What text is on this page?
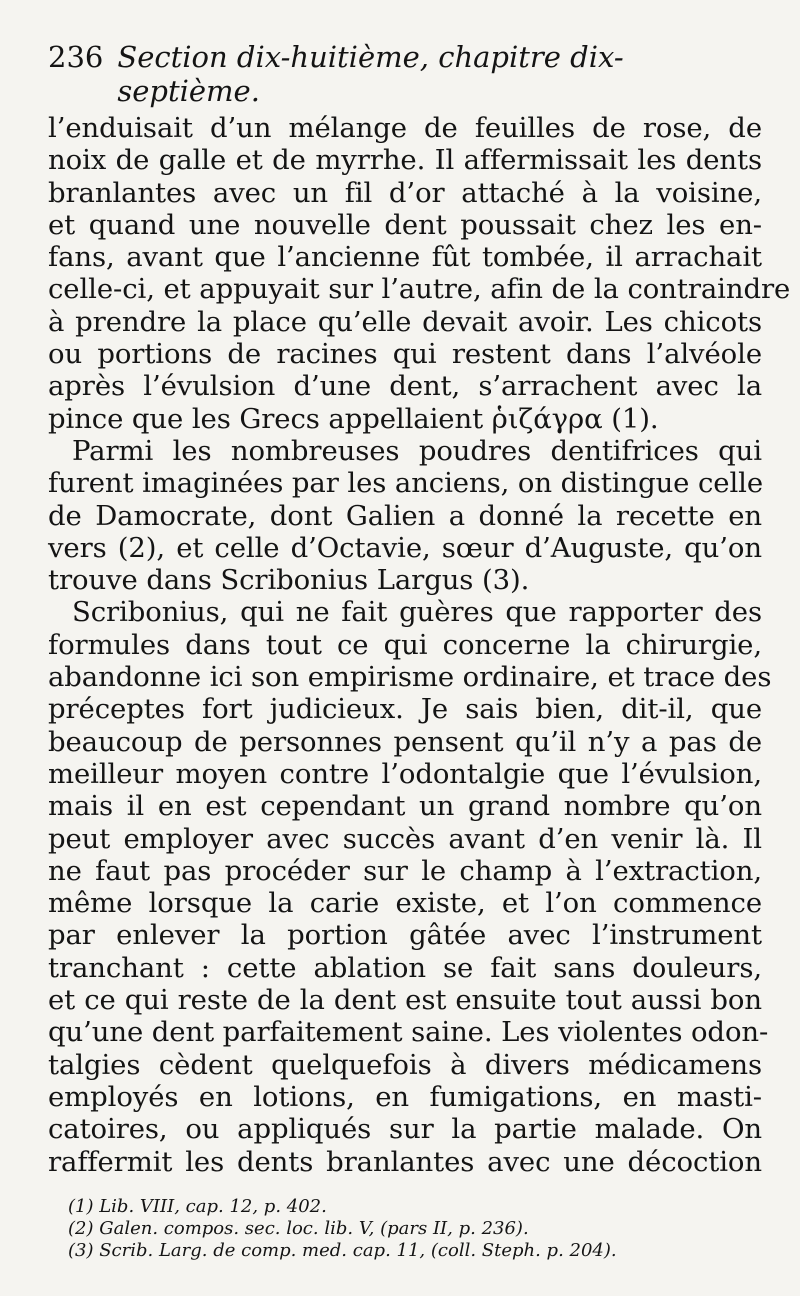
236 Section dix-huitième, chapitre dix-septième.
l’enduisait d’un mélange de feuilles de rose, de
noix de galle et de myrrhe. Il affermissait les dents
branlantes avec un fil d’or attaché à la voisine,
et quand une nouvelle dent poussait chez les en-
fans, avant que l’ancienne fût tombée, il arrachait
celle-ci, et appuyait sur l’autre, afin de la contraindre
à prendre la place qu’elle devait avoir. Les chicots
ou portions de racines qui restent dans l’alvéole
après l’évulsion d’une dent, s’arrachent avec la
pince que les Grecs appellaient ῥιζάγρα (1).
Parmi les nombreuses poudres dentifrices qui
furent imaginées par les anciens, on distingue celle
de Damocrate, dont Galien a donné la recette en
vers (2), et celle d’Octavie, sœur d’Auguste, qu’on
trouve dans Scribonius Largus (3).
Scribonius, qui ne fait guères que rapporter des
formules dans tout ce qui concerne la chirurgie,
abandonne ici son empirisme ordinaire, et trace des
préceptes fort judicieux. Je sais bien, dit-il, que
beaucoup de personnes pensent qu’il n’y a pas de
meilleur moyen contre l’odontalgie que l’évulsion,
mais il en est cependant un grand nombre qu’on
peut employer avec succès avant d’en venir là. Il
ne faut pas procéder sur le champ à l’extraction,
même lorsque la carie existe, et l’on commence
par enlever la portion gâtée avec l’instrument
tranchant : cette ablation se fait sans douleurs,
et ce qui reste de la dent est ensuite tout aussi bon
qu’une dent parfaitement saine. Les violentes odon-
talgies cèdent quelquefois à divers médicamens
employés en lotions, en fumigations, en masti-
catoires, ou appliqués sur la partie malade. On
raffermit les dents branlantes avec une décoction
(1) Lib. VIII, cap. 12, p. 402.
(2) Galen. compos. sec. loc. lib. V, (pars II, p. 236).
(3) Scrib. Larg. de comp. med. cap. 11, (coll. Steph. p. 204).
